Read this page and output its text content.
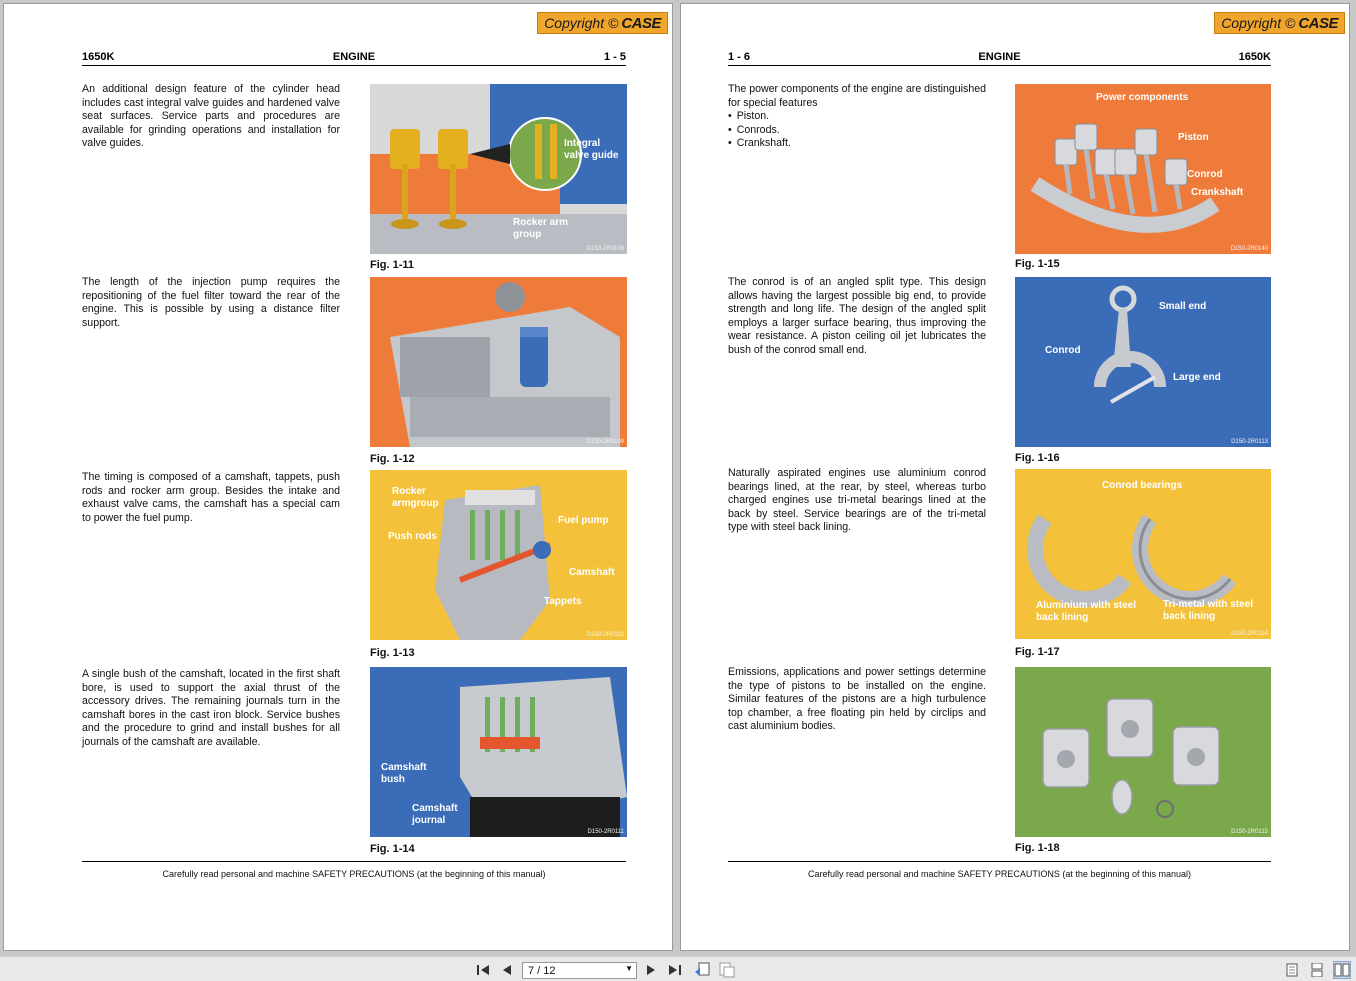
Copyright © CASE
1650K	ENGINE	1 - 5
An additional design feature of the cylinder head includes cast integral valve guides and hardened valve seat surfaces. Service parts and procedures are available for grinding operations and installation for valve guides.	Integral
valve guide
Rocker arm
group
D150-2R0108
Fig. 1-11
The length of the injection pump requires the repositioning of the fuel filter toward the rear of the engine. This is possible by using a distance filter support.
D150-2R0109
Fig. 1-12
The timing is composed of a camshaft, tappets, push rods and rocker arm group. Besides the intake and exhaust valve cams, the camshaft has a special cam to power the fuel pump.
Rocker
armgroup
Push rods
Fuel pump
Camshaft
Tappets
D150-2R0110
Fig. 1-13
A single bush of the camshaft, located in the first shaft bore, is used to support the axial thrust of the accessory drives. The remaining journals turn in the camshaft bores in the cast iron block. Service bushes and the procedure to grind and install bushes for all journals of the camshaft are available.
Camshaft
bush
Camshaft
journal
D150-2R0111
Fig. 1-14
Carefully read personal and machine SAFETY PRECAUTIONS (at the beginning of this manual)
Copyright © CASE
1 - 6	ENGINE	1650K
The power components of the engine are distinguished for special features
• Piston.
• Conrods.
• Crankshaft.
Power components
Piston
Conrod
Crankshaft
D150-2R0140
Fig. 1-15
The conrod is of an angled split type. This design allows having the largest possible big end, to provide strength and long life. The design of the angled split employs a larger surface bearing, thus improving the wear resistance. A piston ceiling oil jet lubricates the bush of the conrod small end.
Small end
Conrod
Large end
D150-2R0113
Fig. 1-16
Naturally aspirated engines use aluminium conrod bearings lined, at the rear, by steel, whereas turbo charged engines use tri-metal bearings lined at the back by steel. Service bearings are of the tri-metal type with steel back lining.
Conrod bearings
Aluminium with steel
back lining
Tri-metal with steel
back lining
D150-2R0114
Fig. 1-17
Emissions, applications and power settings determine the type of pistons to be installed on the engine. Similar features of the pistons are a high turbulence top chamber, a free floating pin held by circlips and cast aluminium bodies.
D150-2R0115
Fig. 1-18
Carefully read personal and machine SAFETY PRECAUTIONS (at the beginning of this manual)
7 / 12	▼
